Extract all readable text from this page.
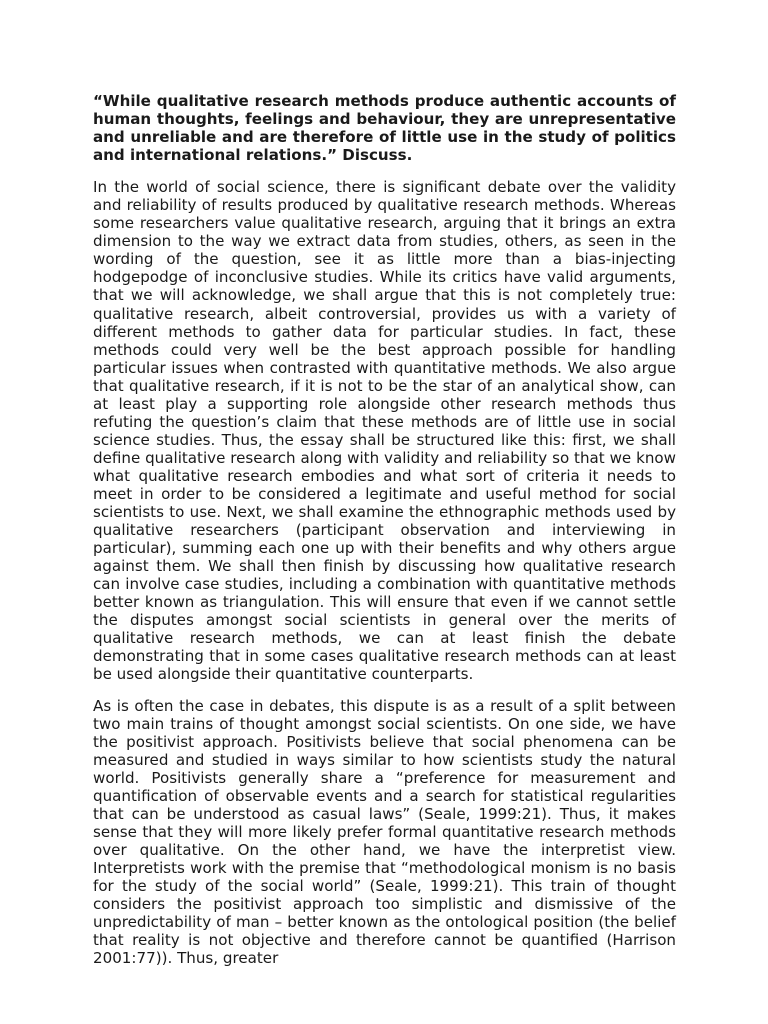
“While qualitative research methods produce authentic accounts of human thoughts, feelings and behaviour, they are unrepresentative and unreliable and are therefore of little use in the study of politics and international relations.” Discuss.

In the world of social science, there is significant debate over the validity and reliability of results produced by qualitative research methods. Whereas some researchers value qualitative research, arguing that it brings an extra dimension to the way we extract data from studies, others, as seen in the wording of the question, see it as little more than a bias-injecting hodgepodge of inconclusive studies. While its critics have valid arguments, that we will acknowledge, we shall argue that this is not completely true: qualitative research, albeit controversial, provides us with a variety of different methods to gather data for particular studies. In fact, these methods could very well be the best approach possible for handling particular issues when contrasted with quantitative methods. We also argue that qualitative research, if it is not to be the star of an analytical show, can at least play a supporting role alongside other research methods thus refuting the question’s claim that these methods are of little use in social science studies. Thus, the essay shall be structured like this: first, we shall define qualitative research along with validity and reliability so that we know what qualitative research embodies and what sort of criteria it needs to meet in order to be considered a legitimate and useful method for social scientists to use. Next, we shall examine the ethnographic methods used by qualitative researchers (participant observation and interviewing in particular), summing each one up with their benefits and why others argue against them. We shall then finish by discussing how qualitative research can involve case studies, including a combination with quantitative methods better known as triangulation. This will ensure that even if we cannot settle the disputes amongst social scientists in general over the merits of qualitative research methods, we can at least finish the debate demonstrating that in some cases qualitative research methods can at least be used alongside their quantitative counterparts.

As is often the case in debates, this dispute is as a result of a split between two main trains of thought amongst social scientists. On one side, we have the positivist approach. Positivists believe that social phenomena can be measured and studied in ways similar to how scientists study the natural world. Positivists generally share a “preference for measurement and quantification of observable events and a search for statistical regularities that can be understood as casual laws” (Seale, 1999:21). Thus, it makes sense that they will more likely prefer formal quantitative research methods over qualitative. On the other hand, we have the interpretist view. Interpretists work with the premise that “methodological monism is no basis for the study of the social world” (Seale, 1999:21). This train of thought considers the positivist approach too simplistic and dismissive of the unpredictability of man – better known as the ontological position (the belief that reality is not objective and therefore cannot be quantified (Harrison 2001:77)). Thus, greater
